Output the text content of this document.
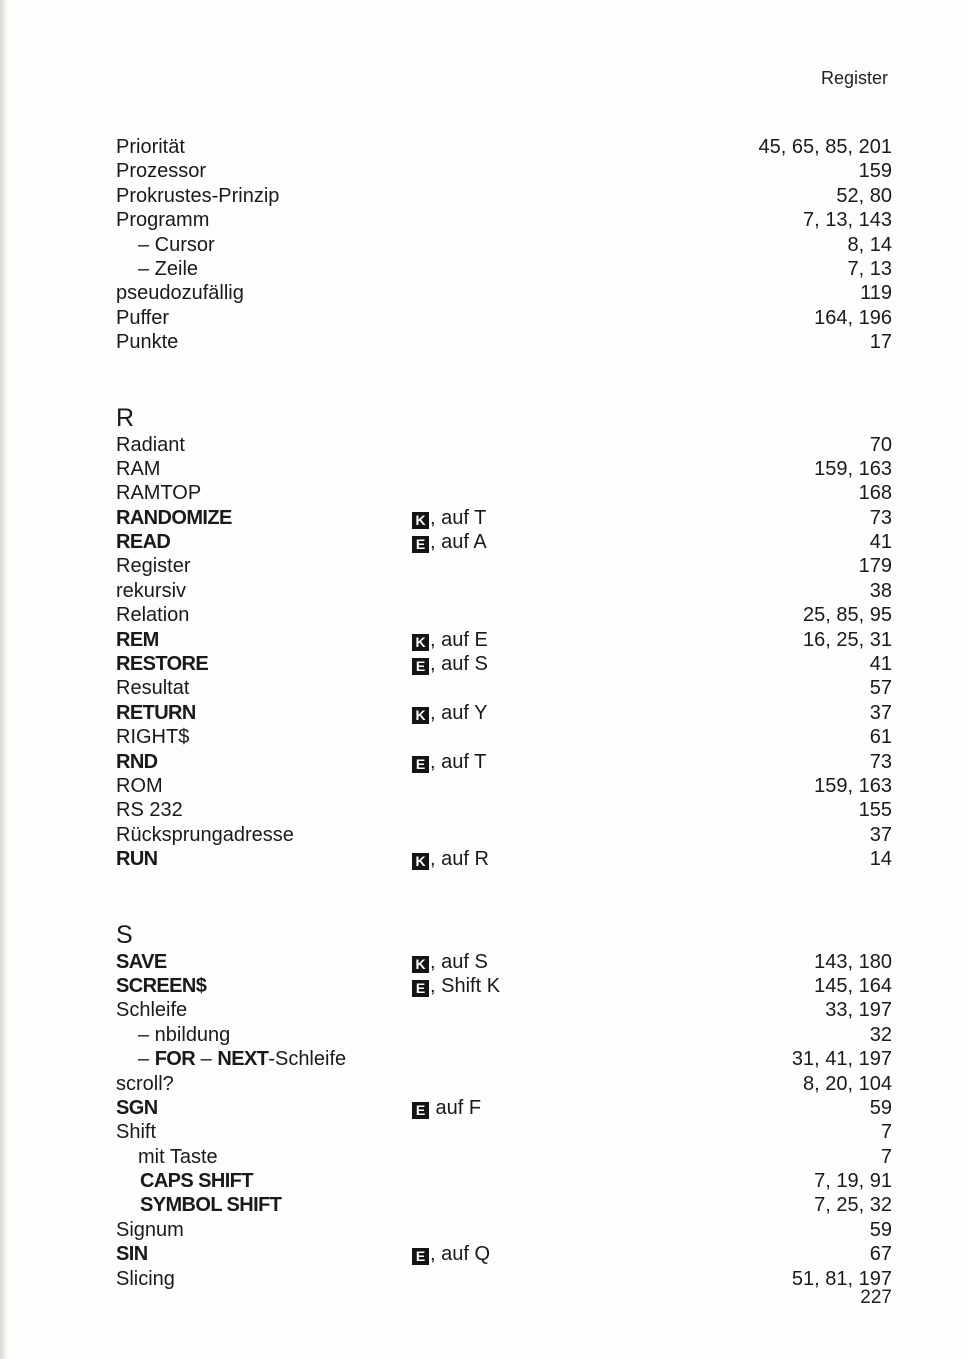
Register
Priorität	45, 65, 85, 201
Prozessor	159
Prokrustes-Prinzip	52, 80
Programm	7, 13, 143
– Cursor	8, 14
– Zeile	7, 13
pseudozufällig	119
Puffer	164, 196
Punkte	17
R
Radiant	70
RAM	159, 163
RAMTOP	168
RANDOMIZE	K , auf T	73
READ	E , auf A	41
Register	179
rekursiv	38
Relation	25, 85, 95
REM	K , auf E	16, 25, 31
RESTORE	E , auf S	41
Resultat	57
RETURN	K , auf Y	37
RIGHT$	61
RND	E , auf T	73
ROM	159, 163
RS 232	155
Rücksprungadresse	37
RUN	K , auf R	14
S
SAVE	K , auf S	143, 180
SCREEN$	E , Shift K	145, 164
Schleife	33, 197
– nbildung	32
– FOR – NEXT-Schleife	31, 41, 197
scroll?	8, 20, 104
SGN	E auf F	59
Shift	7
mit Taste	7
CAPS SHIFT	7, 19, 91
SYMBOL SHIFT	7, 25, 32
Signum	59
SIN	E , auf Q	67
Slicing	51, 81, 197
227
